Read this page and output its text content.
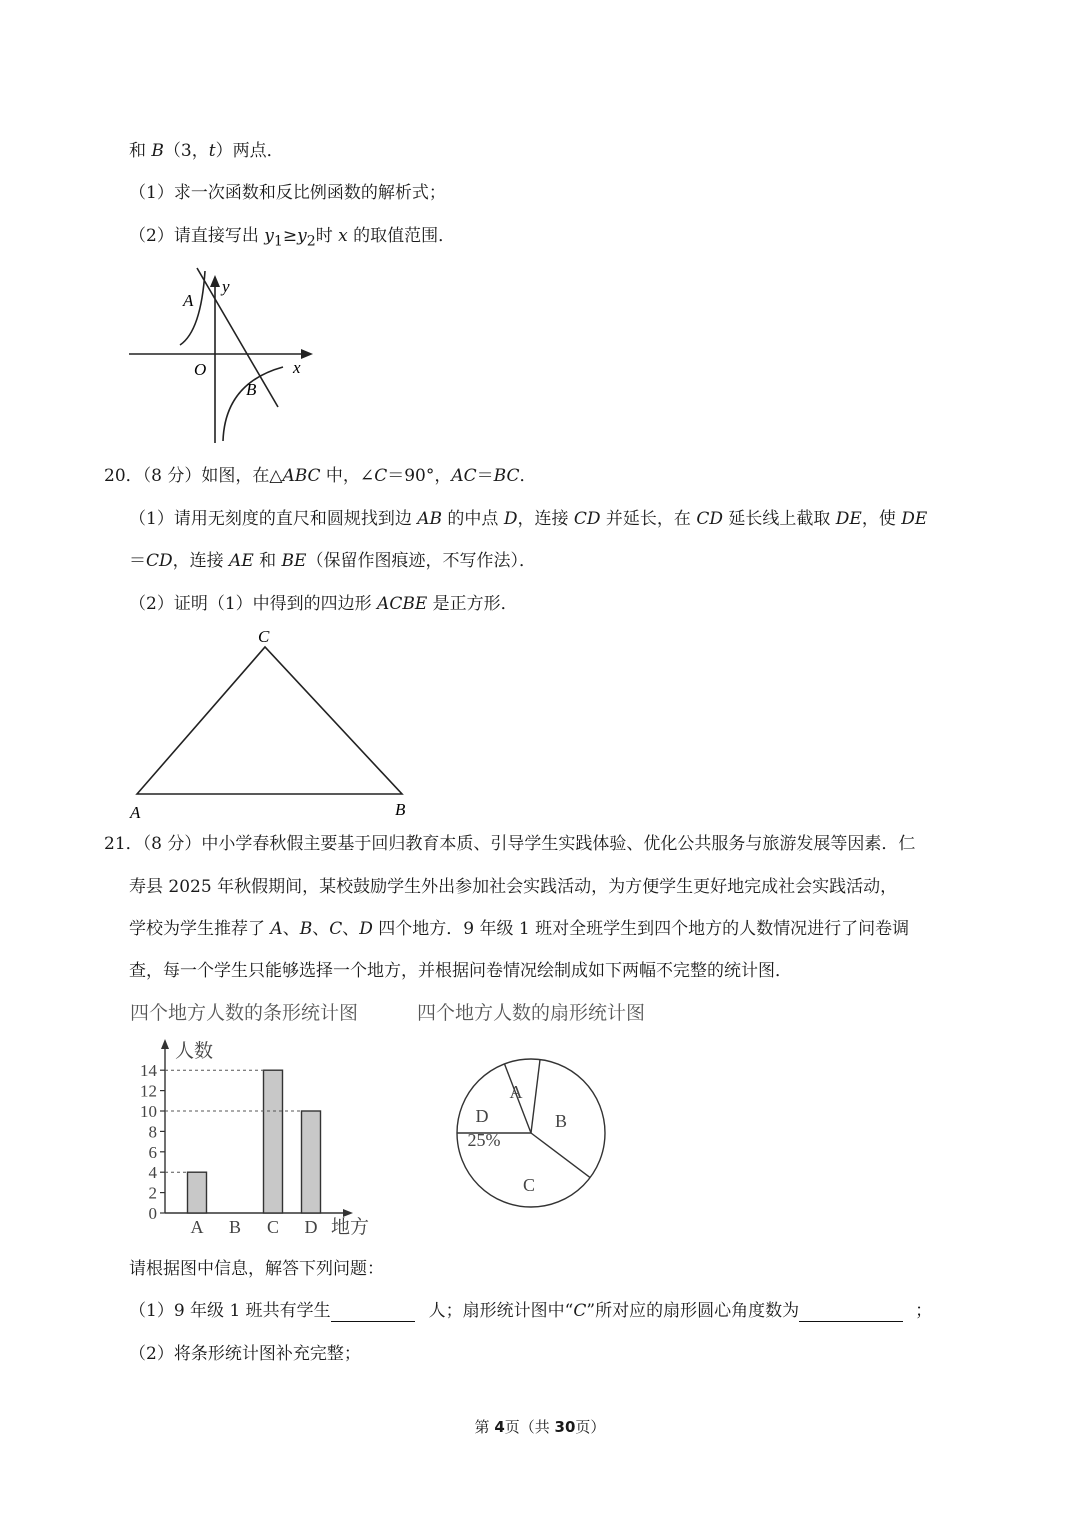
和 B（3，t）两点．
（1）求一次函数和反比例函数的解析式；
（2）请直接写出 $y_1\ge y_2$时 x 的取值范围．
y
x
O
A
B
20．（8 分）如图，在△ABC 中，∠C＝90°，AC＝BC．
（1）请用无刻度的直尺和圆规找到边 AB 的中点 D，连接 CD 并延长，在 CD 延长线上截取 DE，使 DE
＝CD，连接 AE 和 BE（保留作图痕迹，不写作法）．
（2）证明（1）中得到的四边形 ACBE 是正方形．
C
A	B
21．（8 分）中小学春秋假主要基于回归教育本质、引导学生实践体验、优化公共服务与旅游发展等因素．仁
寿县 2025 年秋假期间，某校鼓励学生外出参加社会实践活动，为方便学生更好地完成社会实践活动，
学校为学生推荐了 A、B、C、D 四个地方．9 年级 1 班对全班学生到四个地方的人数情况进行了问卷调
查，每一个学生只能够选择一个地方，并根据问卷情况绘制成如下两幅不完整的统计图．
四个地方人数的条形统计图	四个地方人数的扇形统计图
人数
地方
0
2
4
6
8
10
12
14
A B C D
A
B
C
D
25%
请根据图中信息，解答下列问题：
（1）9 年级 1 班共有学生	人；扇形统计图中“C”所对应的扇形圆心角度数为	；
（2）将条形统计图补充完整；
第 4页（共 30页）
